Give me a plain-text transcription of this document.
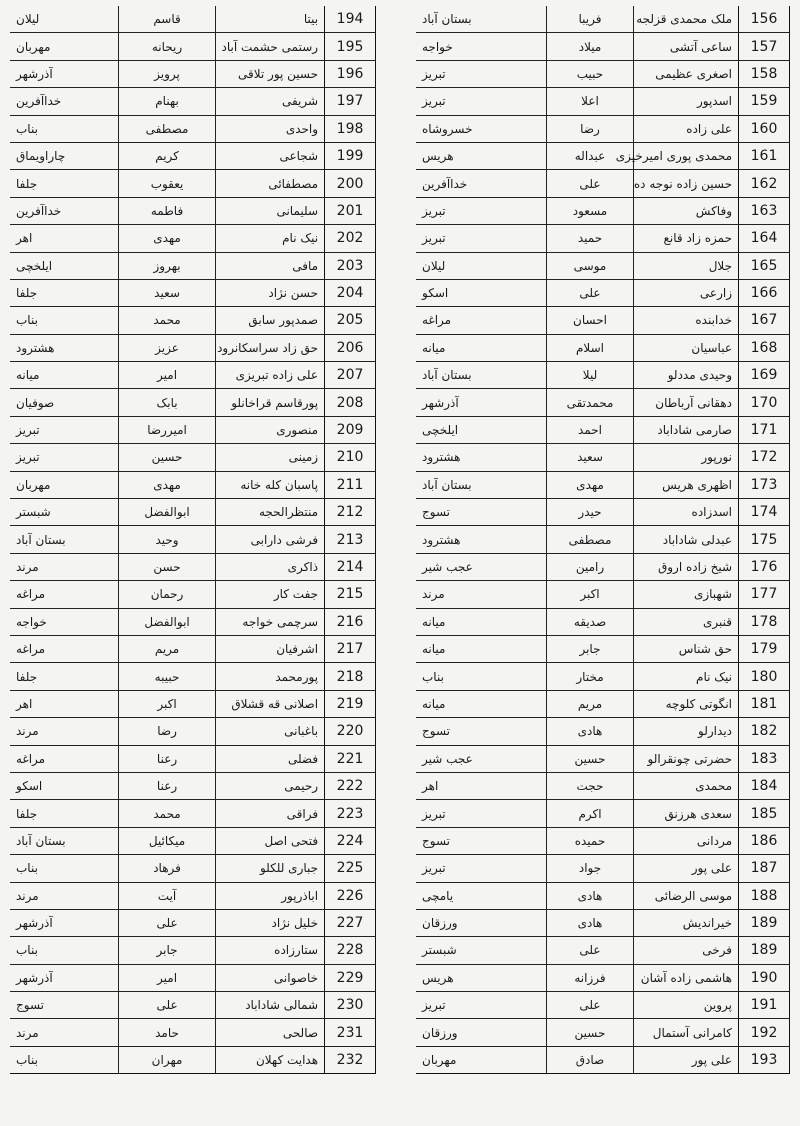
156	ملک محمدی قزلجه	فریبا	بستان آباد
157	ساعی آتشی	میلاد	خواجه
158	اصغری عظیمی	حبیب	تبریز
159	اسدپور	اعلا	تبریز
160	علی زاده	رضا	خسروشاه
161	محمدی پوری امیرخیزی	عبداله	هریس
162	حسین زاده نوجه ده	علی	خداآفرین
163	وفاکش	مسعود	تبریز
164	حمزه زاد قانع	حمید	تبریز
165	جلال	موسی	لیلان
166	زارعی	علی	اسکو
167	خدابنده	احسان	مراغه
168	عباسیان	اسلام	میانه
169	وحیدی مددلو	لیلا	بستان آباد
170	دهقانی آرباطان	محمدتقی	آذرشهر
171	صارمی شاداباد	احمد	ایلخچی
172	نورپور	سعید	هشترود
173	اظهری هریس	مهدی	بستان آباد
174	اسدزاده	حیدر	تسوج
175	عبدلی شاداباد	مصطفی	هشترود
176	شیخ زاده اروق	رامین	عجب شیر
177	شهبازی	اکبر	مرند
178	قنبری	صدیقه	میانه
179	حق شناس	جابر	میانه
180	نیک نام	مختار	بناب
181	انگوتی کلوچه	مریم	میانه
182	دیدارلو	هادی	تسوج
183	حضرتی چونقرالو	حسین	عجب شیر
184	محمدی	حجت	اهر
185	سعدی هرزنق	اکرم	تبریز
186	مردانی	حمیده	تسوج
187	علی پور	جواد	تبریز
188	موسی الرضائی	هادی	یامچی
189	خیراندیش	هادی	ورزقان
189	فرخی	علی	شبستر
190	هاشمی زاده آشان	فرزانه	هریس
191	پروین	علی	تبریز
192	کامرانی آستمال	حسین	ورزقان
193	علی پور	صادق	مهربان
194	بیتا	قاسم	لیلان
195	رستمی حشمت آباد	ریحانه	مهربان
196	حسین پور تلاقی	پرویز	آذرشهر
197	شریفی	بهنام	خداآفرین
198	واحدی	مصطفی	بناب
199	شجاعی	کریم	چاراویماق
200	مصطفائی	یعقوب	جلفا
201	سلیمانی	فاطمه	خداآفرین
202	نیک نام	مهدی	اهر
203	مافی	بهروز	ایلخچی
204	حسن نژاد	سعید	جلفا
205	صمدپور سابق	محمد	بناب
206	حق زاد سراسکانرود	عزیز	هشترود
207	علی زاده تبریزی	امیر	میانه
208	پورقاسم قراخانلو	بابک	صوفیان
209	منصوری	امیررضا	تبریز
210	زمینی	حسین	تبریز
211	پاسبان کله خانه	مهدی	مهربان
212	منتظرالحجه	ابوالفضل	شبستر
213	فرشی دارابی	وحید	بستان آباد
214	ذاکری	حسن	مرند
215	جفت کار	رحمان	مراغه
216	سرچمی خواجه	ابوالفضل	خواجه
217	اشرفیان	مریم	مراغه
218	پورمحمد	حبیبه	جلفا
219	اصلانی قه قشلاق	اکبر	اهر
220	باغبانی	رضا	مرند
221	فضلی	رعنا	مراغه
222	رحیمی	رعنا	اسکو
223	فراقی	محمد	جلفا
224	فتحی اصل	میکائیل	بستان آباد
225	جباری للکلو	فرهاد	بناب
226	اباذرپور	آیت	مرند
227	خلیل نژاد	علی	آذرشهر
228	ستارزاده	جابر	بناب
229	خاصوانی	امیر	آذرشهر
230	شمالی شاداباد	علی	تسوج
231	صالحی	حامد	مرند
232	هدایت کهلان	مهران	بناب
